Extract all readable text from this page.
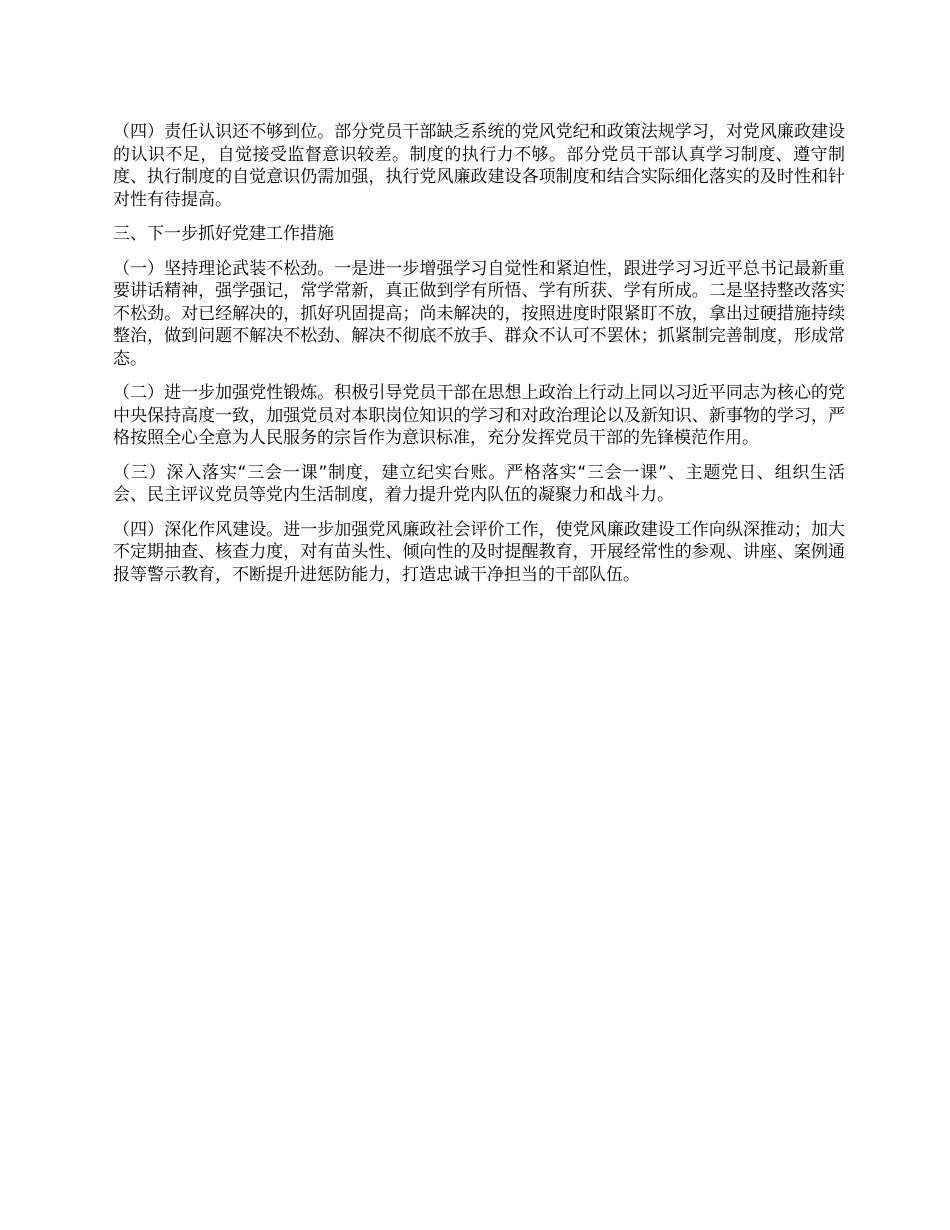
（四）责任认识还不够到位。部分党员干部缺乏系统的党风党纪和政策法规学习，对党风廉政建设的认识不足，自觉接受监督意识较差。制度的执行力不够。部分党员干部认真学习制度、遵守制度、执行制度的自觉意识仍需加强，执行党风廉政建设各项制度和结合实际细化落实的及时性和针对性有待提高。

三、下一步抓好党建工作措施

（一）坚持理论武装不松劲。一是进一步增强学习自觉性和紧迫性，跟进学习习近平总书记最新重要讲话精神，强学强记，常学常新，真正做到学有所悟、学有所获、学有所成。二是坚持整改落实不松劲。对已经解决的，抓好巩固提高；尚未解决的，按照进度时限紧盯不放，拿出过硬措施持续整治，做到问题不解决不松劲、解决不彻底不放手、群众不认可不罢休；抓紧制完善制度，形成常态。

（二）进一步加强党性锻炼。积极引导党员干部在思想上政治上行动上同以习近平同志为核心的党中央保持高度一致，加强党员对本职岗位知识的学习和对政治理论以及新知识、新事物的学习，严格按照全心全意为人民服务的宗旨作为意识标准，充分发挥党员干部的先锋模范作用。

（三）深入落实“三会一课”制度，建立纪实台账。严格落实“三会一课”、主题党日、组织生活会、民主评议党员等党内生活制度，着力提升党内队伍的凝聚力和战斗力。

（四）深化作风建设。进一步加强党风廉政社会评价工作，使党风廉政建设工作向纵深推动；加大不定期抽查、核查力度，对有苗头性、倾向性的及时提醒教育，开展经常性的参观、讲座、案例通报等警示教育，不断提升进惩防能力，打造忠诚干净担当的干部队伍。
